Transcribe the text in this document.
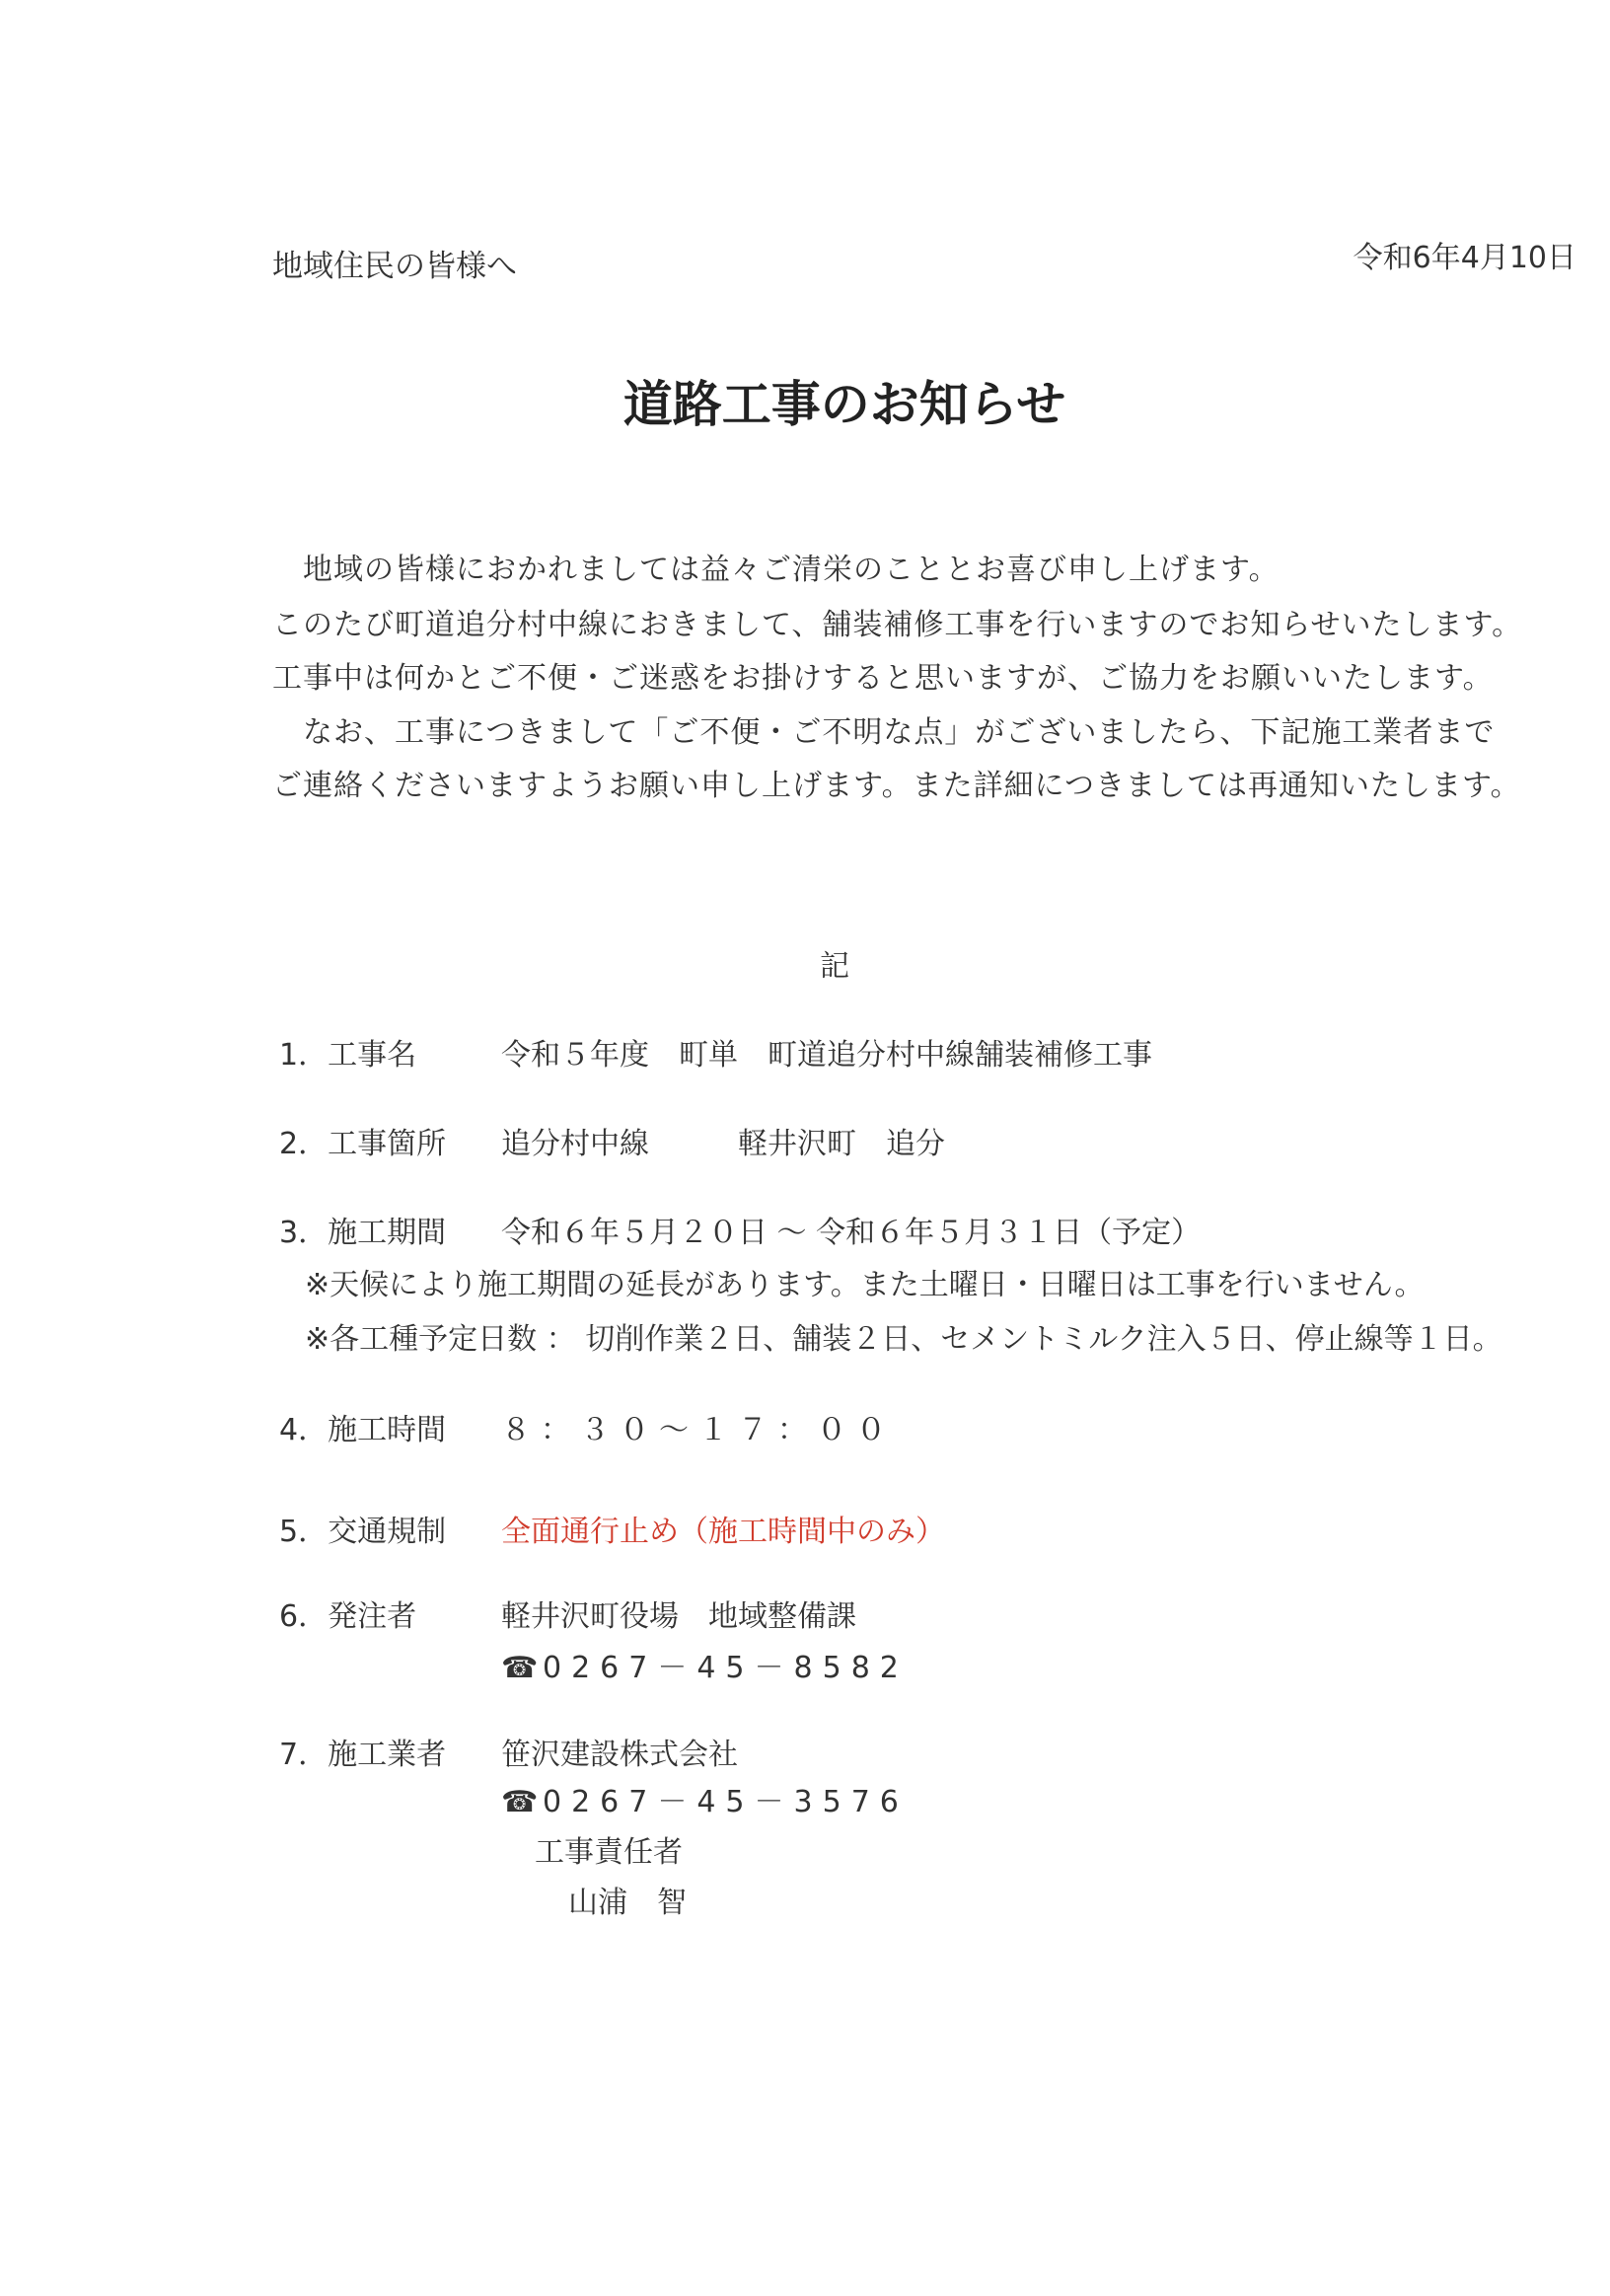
地域住民の皆様へ	令和6年4月10日
道路工事のお知らせ
　地域の皆様におかれましては益々ご清栄のこととお喜び申し上げます。
このたび町道追分村中線におきまして、舗装補修工事を行いますのでお知らせいたします。
工事中は何かとご不便・ご迷惑をお掛けすると思いますが、ご協力をお願いいたします。
　なお、工事につきまして「ご不便・ご不明な点」がございましたら、下記施工業者まで
ご連絡くださいますようお願い申し上げます。また詳細につきましては再通知いたします。
記
1．工事名	令和５年度　町単　町道追分村中線舗装補修工事
2．工事箇所 追分村中線　　　軽井沢町　追分
3．施工期間 令和６年５月２０日 ～ 令和６年５月３１日（予定）
※天候により施工期間の延長があります。また土曜日・日曜日は工事を行いません。
※各工種予定日数 ： 切削作業２日、舗装２日、セメントミルク注入５日、停止線等１日。
4．施工時間 ８：３０～１７：００
5．交通規制 全面通行止め（施工時間中のみ）
6．発注者	軽井沢町役場　地域整備課
☎ 0267－45－8582
7．施工業者 笹沢建設株式会社
☎ 0267－45－3576
工事責任者
山浦　智
